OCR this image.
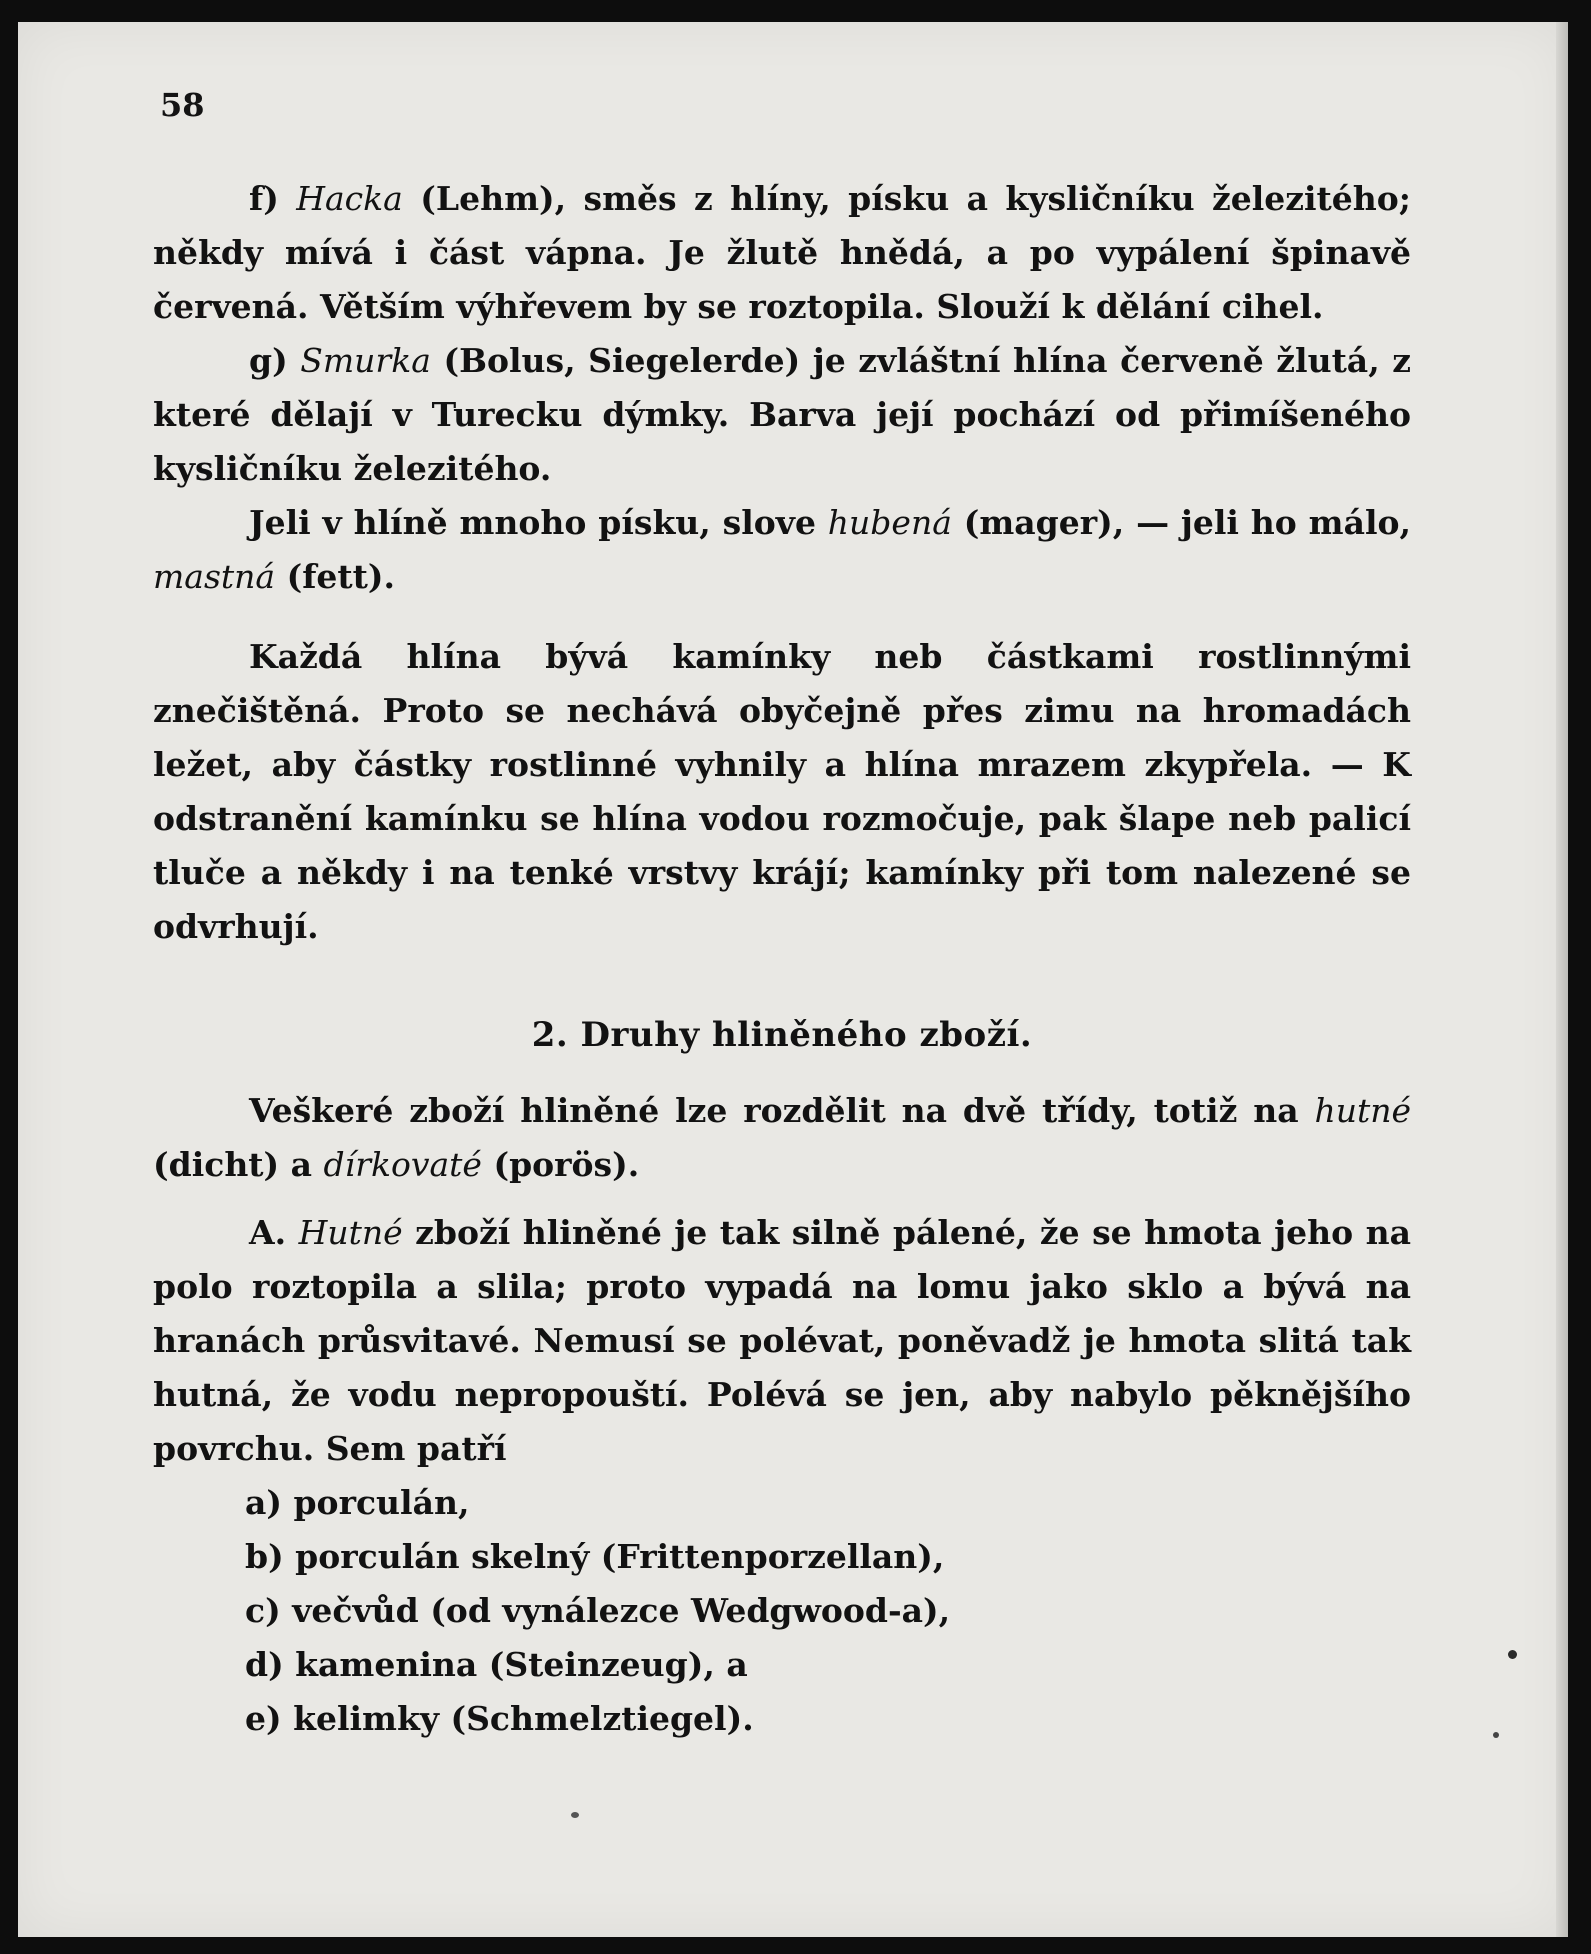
58

f) Hacka (Lehm), směs z hlíny, písku a kysličníku železitého; někdy mívá i část vápna. Je žlutě hnědá, a po vypálení špinavě červená. Větším výhřevem by se roztopila. Slouží k dělání cihel.

g) Smurka (Bolus, Siegelerde) je zvláštní hlína červeně žlutá, z které dělají v Turecku dýmky. Barva její pochází od přimíšeného kysličníku železitého.

Jeli v hlíně mnoho písku, slove hubená (mager), — jeli ho málo, mastná (fett).

Každá hlína bývá kamínky neb částkami rostlinnými znečištěná. Proto se nechává obyčejně přes zimu na hromadách ležet, aby částky rostlinné vyhnily a hlína mrazem zkypřela. — K odstranění kamínku se hlína vodou rozmočuje, pak šlape neb palicí tluče a někdy i na tenké vrstvy krájí; kamínky při tom nalezené se odvrhují.

2. Druhy hliněného zboží.

Veškeré zboží hliněné lze rozdělit na dvě třídy, totiž na hutné (dicht) a dírkovaté (porös).

A. Hutné zboží hliněné je tak silně pálené, že se hmota jeho na polo roztopila a slila; proto vypadá na lomu jako sklo a bývá na hranách průsvitavé. Nemusí se polévat, poněvadž je hmota slitá tak hutná, že vodu nepropouští. Polévá se jen, aby nabylo pěknějšího povrchu. Sem patří

a) porculán,

b) porculán skelný (Frittenporzellan),

c) večvůd (od vynálezce Wedgwood-a),

d) kamenina (Steinzeug), a

e) kelimky (Schmelztiegel).
